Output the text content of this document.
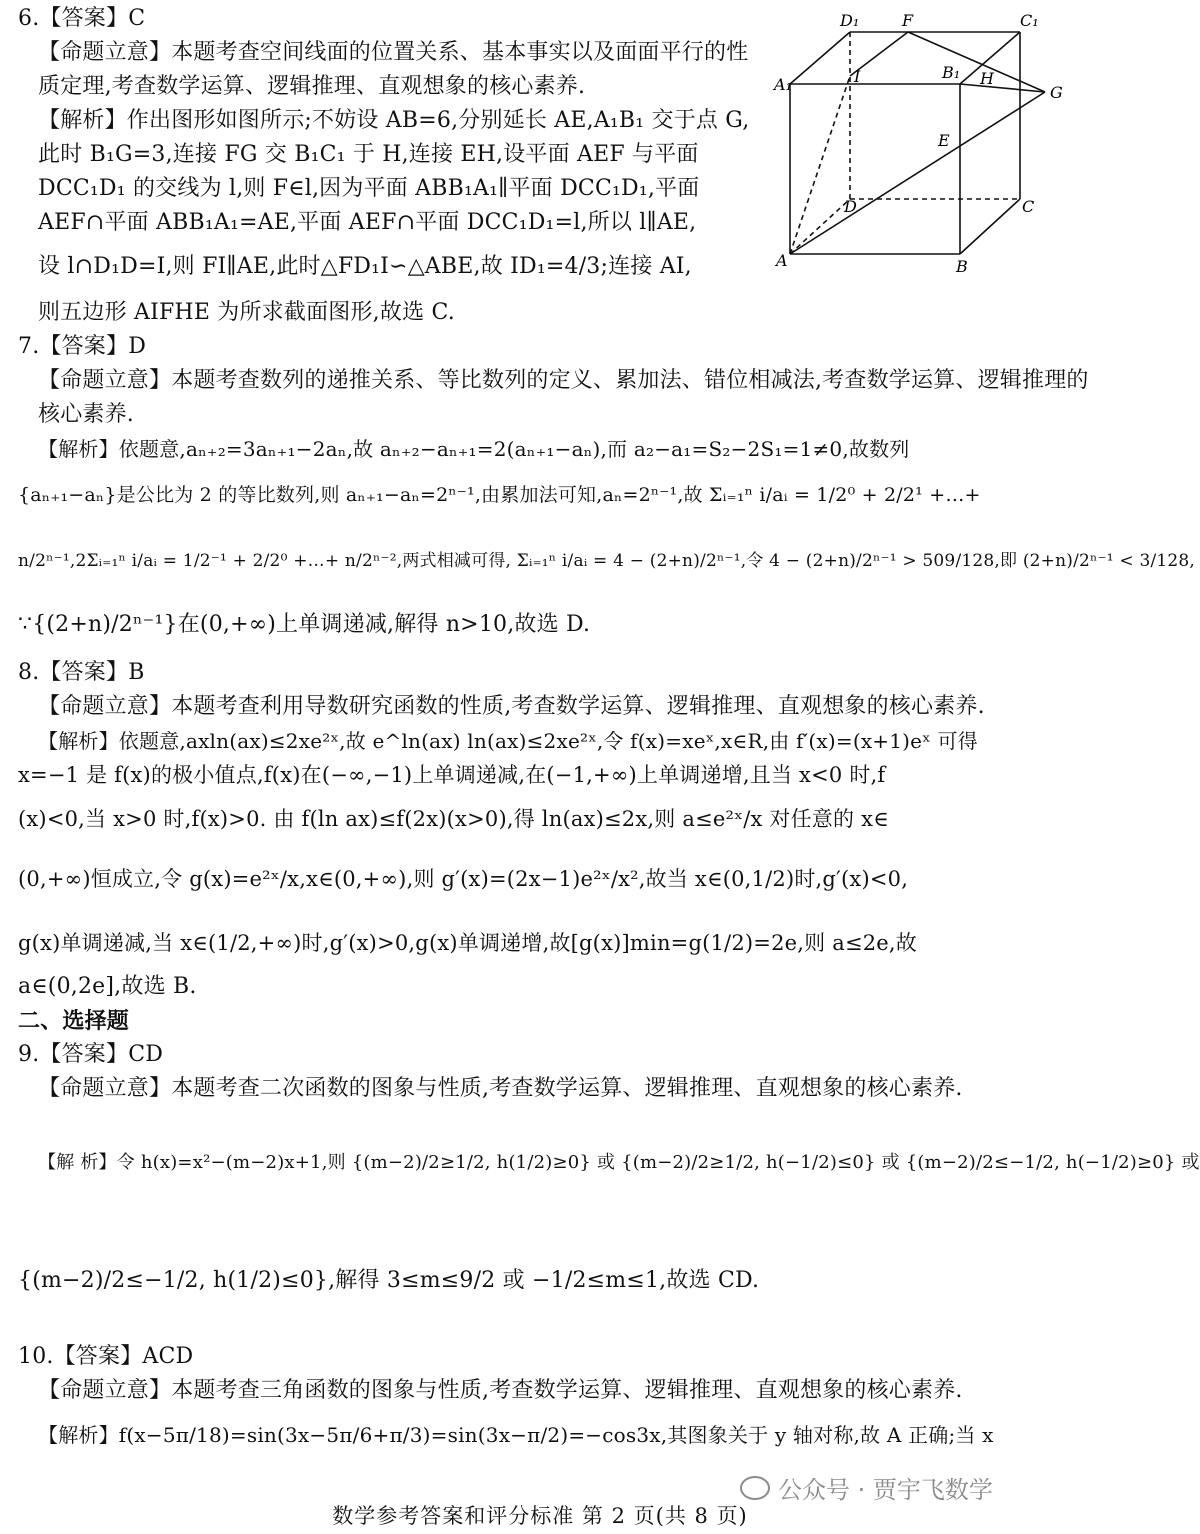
6.【答案】C
【命题立意】本题考查空间线面的位置关系、基本事实以及面面平行的性
质定理,考查数学运算、逻辑推理、直观想象的核心素养.
【解析】作出图形如图所示;不妨设 AB=6,分别延长 AE,A₁B₁ 交于点 G,
此时 B₁G=3,连接 FG 交 B₁C₁ 于 H,连接 EH,设平面 AEF 与平面
DCC₁D₁ 的交线为 l,则 F∈l,因为平面 ABB₁A₁∥平面 DCC₁D₁,平面
AEF∩平面 ABB₁A₁=AE,平面 AEF∩平面 DCC₁D₁=l,所以 l∥AE,
设 l∩D₁D=I,则 FI∥AE,此时△FD₁I∽△ABE,故 ID₁=4/3;连接 AI,
则五边形 AIFHE 为所求截面图形,故选 C.
D₁	F	C₁
A₁	I	B₁ H
G
E
D	C
A	B
7.【答案】D
【命题立意】本题考查数列的递推关系、等比数列的定义、累加法、错位相减法,考查数学运算、逻辑推理的
核心素养.
【解析】依题意,aₙ₊₂=3aₙ₊₁−2aₙ,故 aₙ₊₂−aₙ₊₁=2(aₙ₊₁−aₙ),而 a₂−a₁=S₂−2S₁=1≠0,故数列
{aₙ₊₁−aₙ}是公比为 2 的等比数列,则 aₙ₊₁−aₙ=2ⁿ⁻¹,由累加法可知,aₙ=2ⁿ⁻¹,故 Σᵢ₌₁ⁿ i/aᵢ = 1/2⁰ + 2/2¹ +…+
n/2ⁿ⁻¹,2Σᵢ₌₁ⁿ i/aᵢ = 1/2⁻¹ + 2/2⁰ +…+ n/2ⁿ⁻²,两式相减可得, Σᵢ₌₁ⁿ i/aᵢ = 4 − (2+n)/2ⁿ⁻¹,令 4 − (2+n)/2ⁿ⁻¹ > 509/128,即 (2+n)/2ⁿ⁻¹ < 3/128,
∵{(2+n)/2ⁿ⁻¹}在(0,+∞)上单调递减,解得 n>10,故选 D.
8.【答案】B
【命题立意】本题考查利用导数研究函数的性质,考查数学运算、逻辑推理、直观想象的核心素养.
【解析】依题意,axln(ax)≤2xe²ˣ,故 e^ln(ax) ln(ax)≤2xe²ˣ,令 f(x)=xeˣ,x∈R,由 f′(x)=(x+1)eˣ 可得
x=−1 是 f(x)的极小值点,f(x)在(−∞,−1)上单调递减,在(−1,+∞)上单调递增,且当 x<0 时,f
(x)<0,当 x>0 时,f(x)>0. 由 f(ln ax)≤f(2x)(x>0),得 ln(ax)≤2x,则 a≤e²ˣ/x 对任意的 x∈
(0,+∞)恒成立,令 g(x)=e²ˣ/x,x∈(0,+∞),则 g′(x)=(2x−1)e²ˣ/x²,故当 x∈(0,1/2)时,g′(x)<0,
g(x)单调递减,当 x∈(1/2,+∞)时,g′(x)>0,g(x)单调递增,故[g(x)]min=g(1/2)=2e,则 a≤2e,故
a∈(0,2e],故选 B.
二、选择题
9.【答案】CD
【命题立意】本题考查二次函数的图象与性质,考查数学运算、逻辑推理、直观想象的核心素养.
【解 析】令 h(x)=x²−(m−2)x+1,则 {(m−2)/2≥1/2, h(1/2)≥0} 或 {(m−2)/2≥1/2, h(−1/2)≤0} 或 {(m−2)/2≤−1/2, h(−1/2)≥0} 或
{(m−2)/2≤−1/2, h(1/2)≤0},解得 3≤m≤9/2 或 −1/2≤m≤1,故选 CD.
10.【答案】ACD
【命题立意】本题考查三角函数的图象与性质,考查数学运算、逻辑推理、直观想象的核心素养.
【解析】f(x−5π/18)=sin(3x−5π/6+π/3)=sin(3x−π/2)=−cos3x,其图象关于 y 轴对称,故 A 正确;当 x
公众号 · 贾宇飞数学
数学参考答案和评分标准 第 2 页(共 8 页)
